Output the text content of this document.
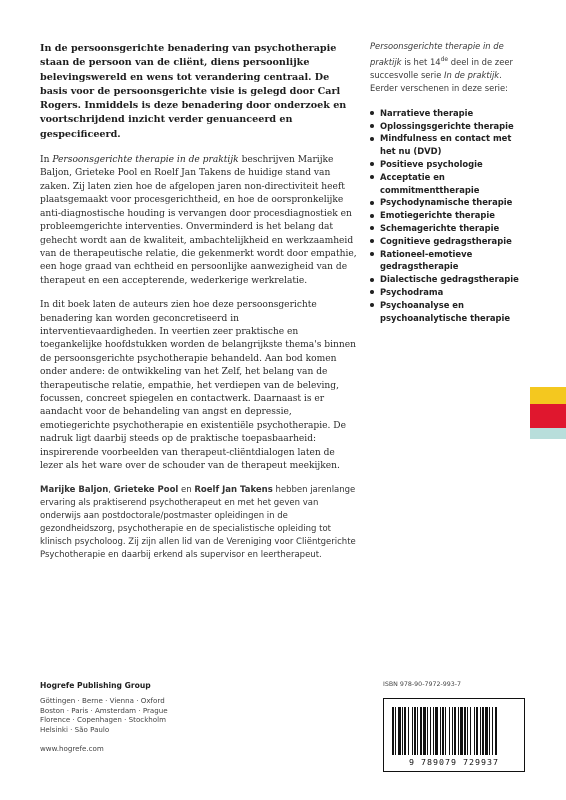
In de persoonsgerichte benadering van psychotherapie staan de persoon van de cliënt, diens persoonlijke belevingswereld en wens tot verandering centraal. De basis voor de persoonsgerichte visie is gelegd door Carl Rogers. Inmiddels is deze benadering door onderzoek en voortschrijdend inzicht verder genuanceerd en gespecificeerd.

In Persoonsgerichte therapie in de praktijk beschrijven Marijke Baljon, Grieteke Pool en Roelf Jan Takens de huidige stand van zaken. Zij laten zien hoe de afgelopen jaren non-directiviteit heeft plaatsgemaakt voor procesgerichtheid, en hoe de oorspronkelijke anti-diagnostische houding is vervangen door procesdiagnostiek en probleemgerichte interventies. Onverminderd is het belang dat gehecht wordt aan de kwaliteit, ambachtelijkheid en werkzaamheid van de therapeutische relatie, die gekenmerkt wordt door empathie, een hoge graad van echtheid en persoonlijke aanwezigheid van de therapeut en een accepterende, wederkerige werkrelatie.

In dit boek laten de auteurs zien hoe deze persoonsgerichte benadering kan worden geconcretiseerd in interventievaardigheden. In veertien zeer praktische en toegankelijke hoofdstukken worden de belangrijkste thema's binnen de persoonsgerichte psychotherapie behandeld. Aan bod komen onder andere: de ontwikkeling van het Zelf, het belang van de therapeutische relatie, empathie, het verdiepen van de beleving, focussen, concreet spiegelen en contactwerk. Daarnaast is er aandacht voor de behandeling van angst en depressie, emotiegerichte psychotherapie en existentiële psychotherapie. De nadruk ligt daarbij steeds op de praktische toepasbaarheid: inspirerende voorbeelden van therapeut-cliëntdialogen laten de lezer als het ware over de schouder van de therapeut meekijken.

Marijke Baljon, Grieteke Pool en Roelf Jan Takens hebben jarenlange ervaring als praktiserend psychotherapeut en met het geven van onderwijs aan postdoctorale/postmaster opleidingen in de gezondheidszorg, psychotherapie en de specialistische opleiding tot klinisch psycholoog. Zij zijn allen lid van de Vereniging voor Cliëntgerichte Psychotherapie en daarbij erkend als supervisor en leertherapeut.

Persoonsgerichte therapie in de praktijk is het 14de deel in de zeer succesvolle serie In de praktijk. Eerder verschenen in deze serie:

Narratieve therapie
Oplossingsgerichte therapie
Mindfulness en contact met het nu (DVD)
Positieve psychologie
Acceptatie en commitmenttherapie
Psychodynamische therapie
Emotiegerichte therapie
Schemagerichte therapie
Cognitieve gedragstherapie
Rationeel-emotieve gedragstherapie
Dialectische gedragstherapie
Psychodrama
Psychoanalyse en psychoanalytische therapie

Hogrefe Publishing Group

Göttingen · Berne · Vienna · Oxford

Boston · Paris · Amsterdam · Prague

Florence · Copenhagen · Stockholm

Helsinki · São Paulo

www.hogrefe.com
ISBN 978-90-7972-993-7
9 789079 729937
